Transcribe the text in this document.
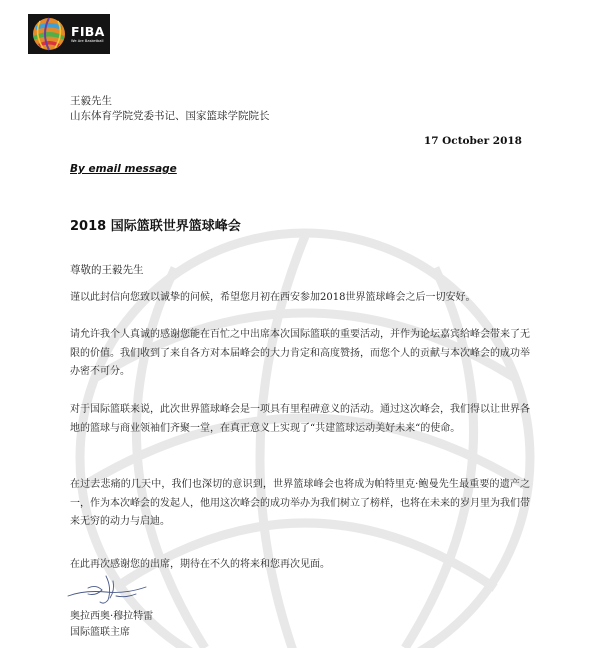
FIBA
We Are Basketball
王毅先生
山东体育学院党委书记、国家篮球学院院长
17 October 2018
By email message
2018 国际篮联世界篮球峰会
尊敬的王毅先生
谨以此封信向您致以诚挚的问候，希望您月初在西安参加2018世界篮球峰会之后一切安好。
请允许我个人真诚的感谢您能在百忙之中出席本次国际篮联的重要活动，并作为论坛嘉宾给峰会带来了无限的价值。我们收到了来自各方对本届峰会的大力肯定和高度赞扬，而您个人的贡献与本次峰会的成功举办密不可分。
对于国际篮联来说，此次世界篮球峰会是一项具有里程碑意义的活动。通过这次峰会，我们得以让世界各地的篮球与商业领袖们齐聚一堂，在真正意义上实现了“共建篮球运动美好未来“的使命。
在过去悲痛的几天中，我们也深切的意识到，世界篮球峰会也将成为帕特里克·鲍曼先生最重要的遗产之一，作为本次峰会的发起人，他用这次峰会的成功举办为我们树立了榜样，也将在未来的岁月里为我们带来无穷的动力与启迪。
在此再次感谢您的出席，期待在不久的将来和您再次见面。
奥拉西奥·穆拉特雷
国际篮联主席
